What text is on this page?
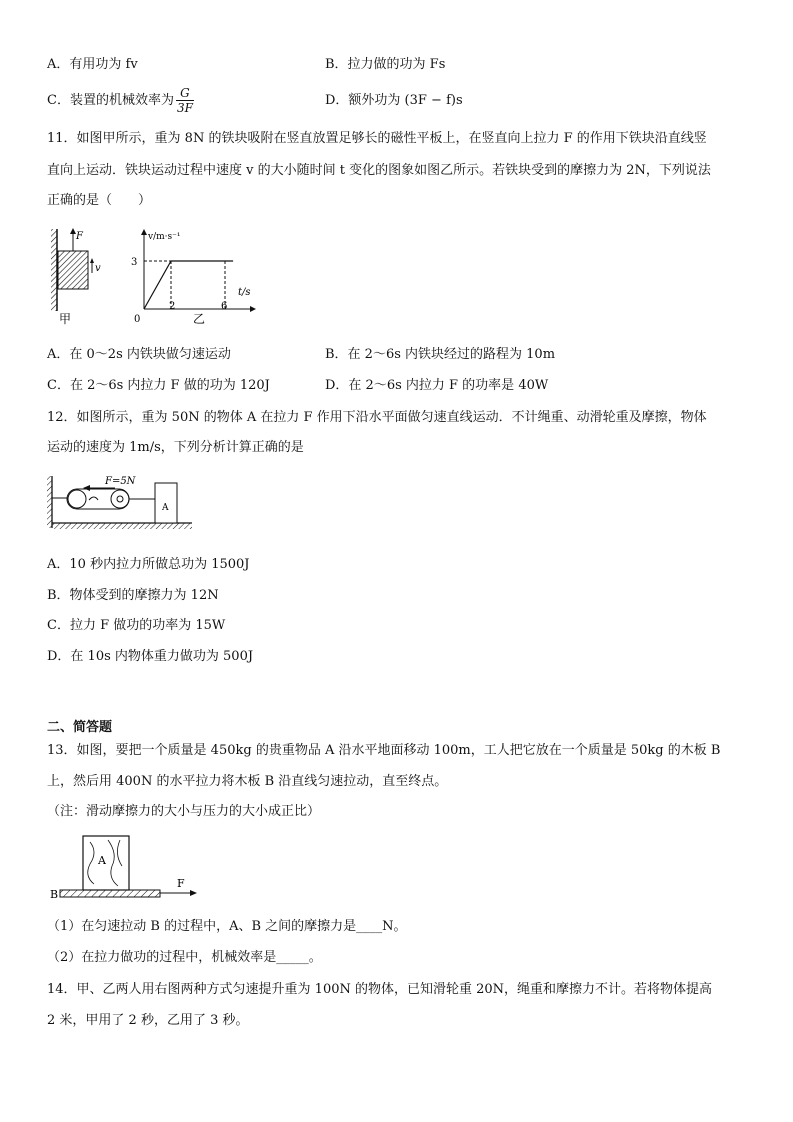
A．有用功为 fv	B．拉力做的功为 Fs
C．装置的机械效率为 $\frac{G}{3F}$	D．额外功为 (3F − f)s
11．如图甲所示，重为 8N 的铁块吸附在竖直放置足够长的磁性平板上，在竖直向上拉力 F 的作用下铁块沿直线竖
直向上运动．铁块运动过程中速度 v 的大小随时间 t 变化的图象如图乙所示。若铁块受到的摩擦力为 2N，下列说法
正确的是（　　）
F
v
甲
v/m·s⁻¹
t/s
3
0
2	6
乙
A．在 0～2s 内铁块做匀速运动	B．在 2～6s 内铁块经过的路程为 10m
C．在 2～6s 内拉力 F 做的功为 120J	D．在 2～6s 内拉力 F 的功率是 40W
12．如图所示，重为 50N 的物体 A 在拉力 F 作用下沿水平面做匀速直线运动．不计绳重、动滑轮重及摩擦，物体
运动的速度为 1m/s，下列分析计算正确的是
F=5N
A
A．10 秒内拉力所做总功为 1500J
B．物体受到的摩擦力为 12N
C．拉力 F 做功的功率为 15W
D．在 10s 内物体重力做功为 500J
二、简答题
13．如图，要把一个质量是 450kg 的贵重物品 A 沿水平地面移动 100m，工人把它放在一个质量是 50kg 的木板 B
上，然后用 400N 的水平拉力将木板 B 沿直线匀速拉动，直至终点。
（注：滑动摩擦力的大小与压力的大小成正比）
A
B
F
（1）在匀速拉动 B 的过程中，A、B 之间的摩擦力是____N。
（2）在拉力做功的过程中，机械效率是_____。
14．甲、乙两人用右图两种方式匀速提升重为 100N 的物体，已知滑轮重 20N，绳重和摩擦力不计。若将物体提高
2 米，甲用了 2 秒，乙用了 3 秒。
